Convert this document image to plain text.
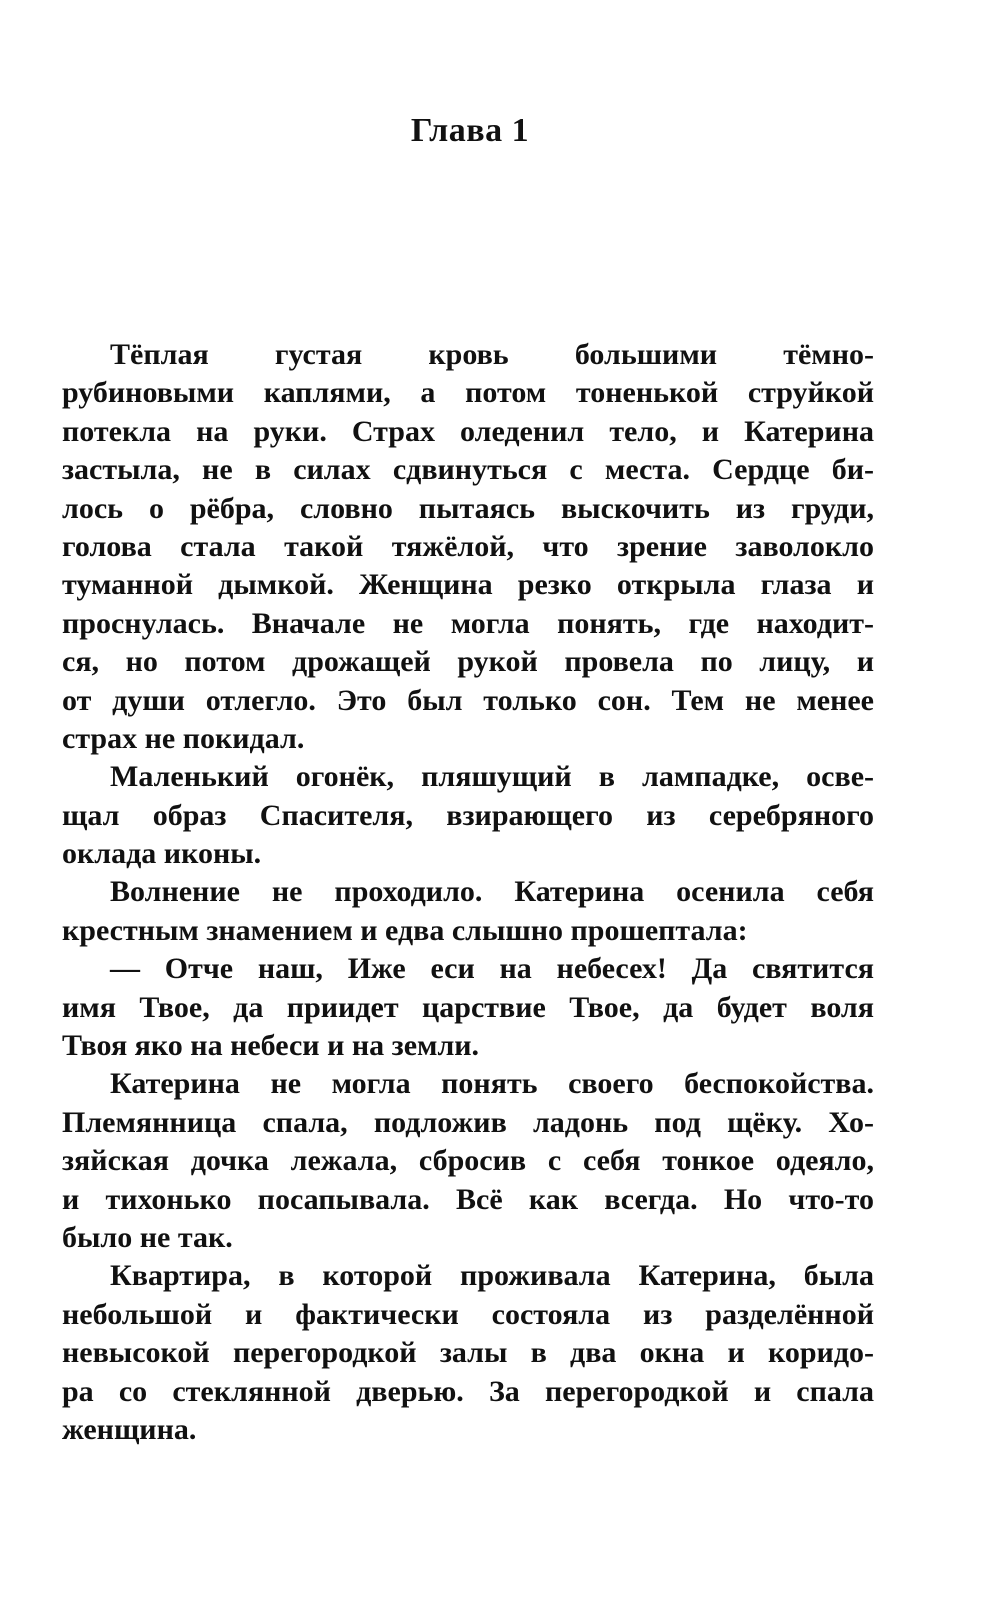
Глава 1
Тёплая густая кровь большими тёмно-
рубиновыми каплями, а потом тоненькой струйкой
потекла на руки. Страх оледенил тело, и Катерина
застыла, не в силах сдвинуться с места. Сердце би-
лось о рёбра, словно пытаясь выскочить из груди,
голова стала такой тяжёлой, что зрение заволокло
туманной дымкой. Женщина резко открыла глаза и
проснулась. Вначале не могла понять, где находит-
ся, но потом дрожащей рукой провела по лицу, и
от души отлегло. Это был только сон. Тем не менее
страх не покидал.
Маленький огонёк, пляшущий в лампадке, осве-
щал образ Спасителя, взирающего из серебряного
оклада иконы.
Волнение не проходило. Катерина осенила себя
крестным знамением и едва слышно прошептала:
— Отче наш, Иже еси на небесех! Да святится
имя Твое, да приидет царствие Твое, да будет воля
Твоя яко на небеси и на земли.
Катерина не могла понять своего беспокойства.
Племянница спала, подложив ладонь под щёку. Хо-
зяйская дочка лежала, сбросив с себя тонкое одеяло,
и тихонько посапывала. Всё как всегда. Но что-то
было не так.
Квартира, в которой проживала Катерина, была
небольшой и фактически состояла из разделённой
невысокой перегородкой залы в два окна и коридо-
ра со стеклянной дверью. За перегородкой и спала
женщина.
